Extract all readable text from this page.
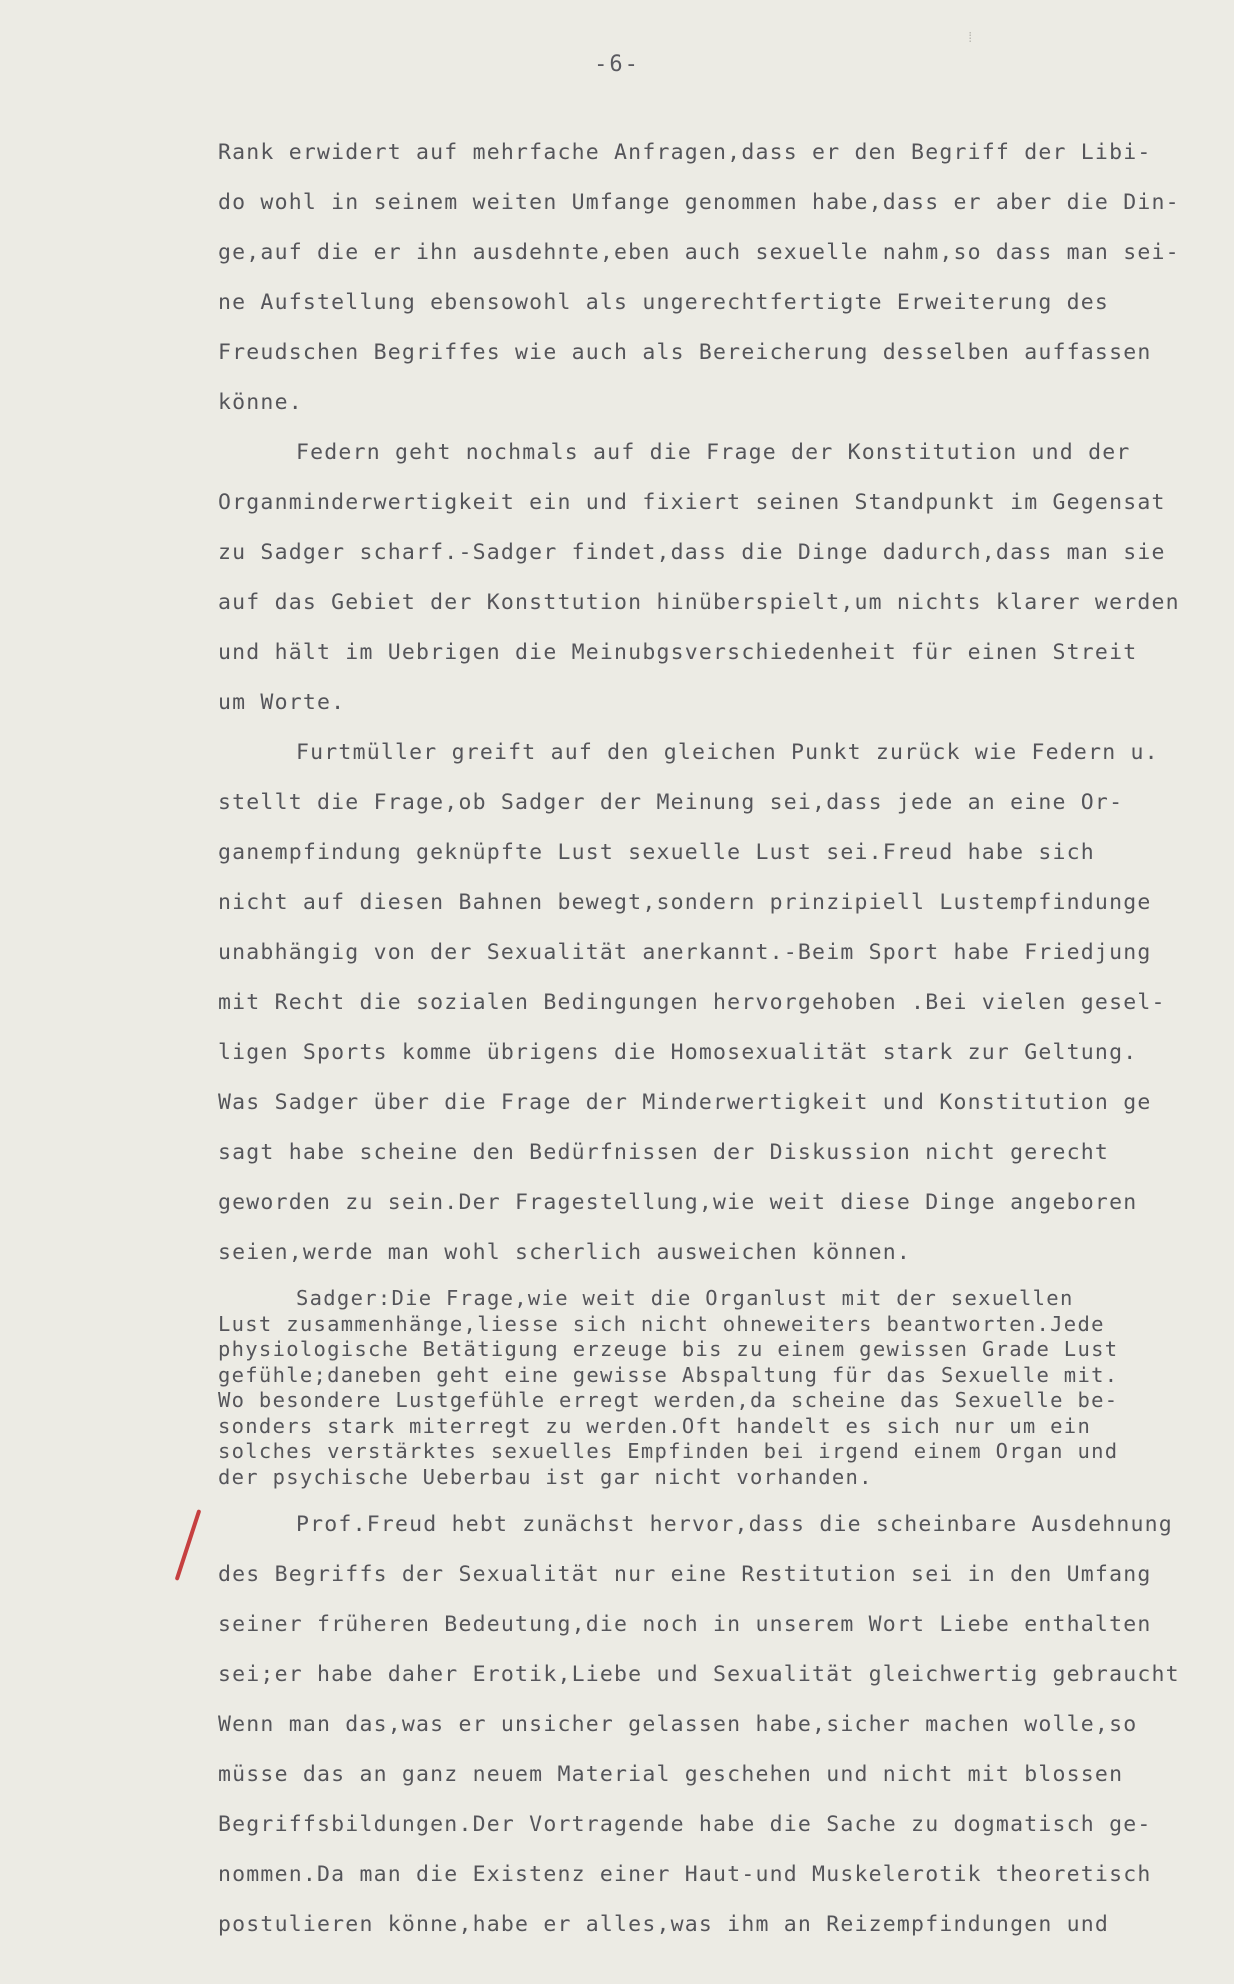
⁞
-6-
Rank erwidert auf mehrfache Anfragen,dass er den Begriff der Libi-
do wohl in seinem weiten Umfange genommen habe,dass er aber die Din-
ge,auf die er ihn ausdehnte,eben auch sexuelle nahm,so dass man sei-
ne Aufstellung ebensowohl als ungerechtfertigte Erweiterung des
Freudschen Begriffes wie auch als Bereicherung desselben auffassen
könne.
Federn geht nochmals auf die Frage der Konstitution und der
Organminderwertigkeit ein und fixiert seinen Standpunkt im Gegensat
zu Sadger scharf.-Sadger findet,dass die Dinge dadurch,dass man sie
auf das Gebiet der Konsttution hinüberspielt,um nichts klarer werden
und hält im Uebrigen die Meinubgsverschiedenheit für einen Streit
um Worte.
Furtmüller greift auf den gleichen Punkt zurück wie Federn u.
stellt die Frage,ob Sadger der Meinung sei,dass jede an eine Or-
ganempfindung geknüpfte Lust sexuelle Lust sei.Freud habe sich
nicht auf diesen Bahnen bewegt,sondern prinzipiell Lustempfindunge
unabhängig von der Sexualität anerkannt.-Beim Sport habe Friedjung
mit Recht die sozialen Bedingungen hervorgehoben .Bei vielen gesel-
ligen Sports komme übrigens die Homosexualität stark zur Geltung.
Was Sadger über die Frage der Minderwertigkeit und Konstitution ge
sagt habe scheine den Bedürfnissen der Diskussion nicht gerecht
geworden zu sein.Der Fragestellung,wie weit diese Dinge angeboren
seien,werde man wohl scherlich ausweichen können.
Sadger:Die Frage,wie weit die Organlust mit der sexuellen
Lust zusammenhänge,liesse sich nicht ohneweiters beantworten.Jede
physiologische Betätigung erzeuge bis zu einem gewissen Grade Lust
gefühle;daneben geht eine gewisse Abspaltung für das Sexuelle mit.
Wo besondere Lustgefühle erregt werden,da scheine das Sexuelle be-
sonders stark miterregt zu werden.Oft handelt es sich nur um ein
solches verstärktes sexuelles Empfinden bei irgend einem Organ und
der psychische Ueberbau ist gar nicht vorhanden.
Prof.Freud hebt zunächst hervor,dass die scheinbare Ausdehnung
des Begriffs der Sexualität nur eine Restitution sei in den Umfang
seiner früheren Bedeutung,die noch in unserem Wort Liebe enthalten
sei;er habe daher Erotik,Liebe und Sexualität gleichwertig gebraucht
Wenn man das,was er unsicher gelassen habe,sicher machen wolle,so
müsse das an ganz neuem Material geschehen und nicht mit blossen
Begriffsbildungen.Der Vortragende habe die Sache zu dogmatisch ge-
nommen.Da man die Existenz einer Haut-und Muskelerotik theoretisch
postulieren könne,habe er alles,was ihm an Reizempfindungen und
